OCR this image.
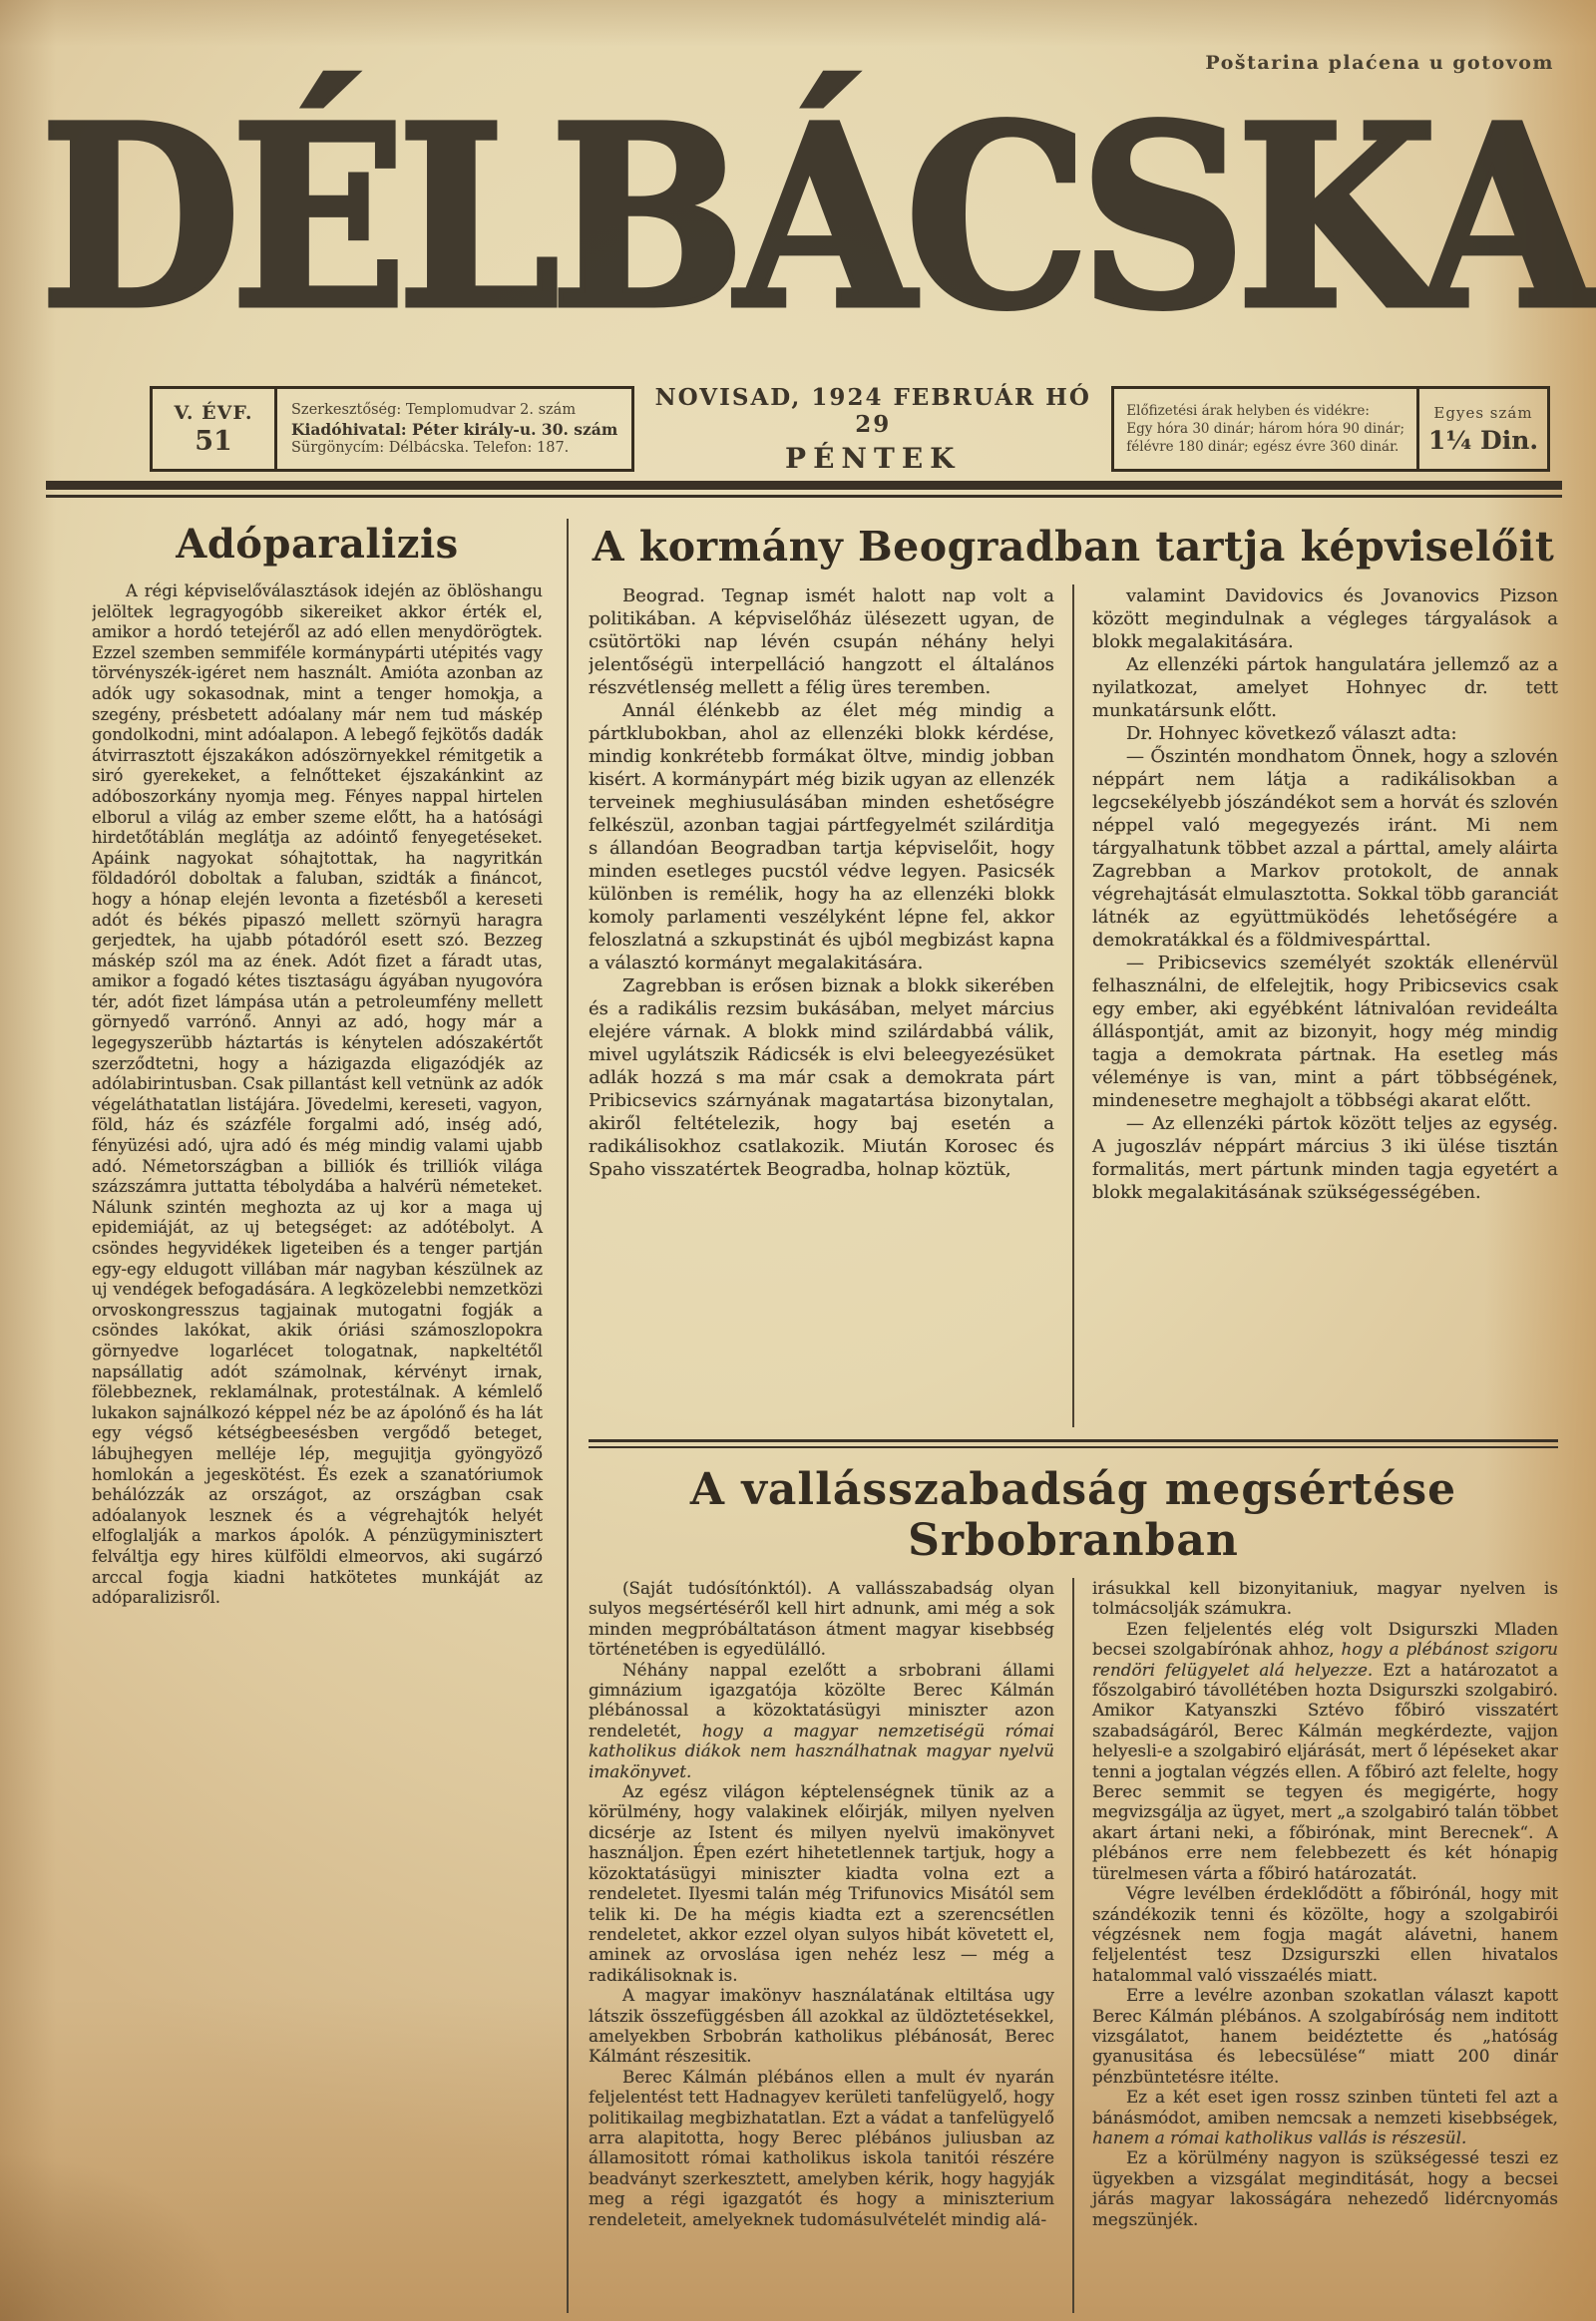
Poštarina plaćena u gotovom
DÉLBÁCSKA
V. ÉVF.
51
Szerkesztőség: Templomudvar 2. szám
Kiadóhivatal: Péter király-u. 30. szám
Sürgönycím: Délbácska. Telefon: 187.
NOVISAD, 1924 FEBRUÁR HÓ 29
PÉNTEK
Előfizetési árak helyben és vidékre:
Egy hóra 30 dinár; három hóra 90 dinár;
félévre 180 dinár; egész évre 360 dinár.
Egyes szám
1¼ Din.
Adóparalizis

A régi képviselőválasztások idején az öblöshangu jelöltek legragyogóbb sikereiket akkor érték el, amikor a hordó tetejéről az adó ellen menydörögtek. Ezzel szemben semmiféle kormánypárti utépités vagy törvényszék-igéret nem használt. Amióta azonban az adók ugy sokasodnak, mint a tenger homokja, a szegény, présbetett adóalany már nem tud máskép gondolkodni, mint adóalapon. A lebegő fejkötős dadák átvirrasztott éjszakákon adószörnyekkel rémitgetik a siró gyerekeket, a felnőtteket éjszakánkint az adóboszorkány nyomja meg. Fényes nappal hirtelen elborul a világ az ember szeme előtt, ha a hatósági hirdetőtáblán meglátja az adóintő fenyegetéseket. Apáink nagyokat sóhajtottak, ha nagyritkán földadóról doboltak a faluban, szidták a fináncot, hogy a hónap elején levonta a fizetésből a kereseti adót és békés pipaszó mellett szörnyü haragra gerjedtek, ha ujabb pótadóról esett szó. Bezzeg máskép szól ma az ének. Adót fizet a fáradt utas, amikor a fogadó kétes tisztaságu ágyában nyugovóra tér, adót fizet lámpása után a petroleumfény mellett görnyedő varrónő. Annyi az adó, hogy már a legegyszerübb háztartás is kénytelen adószakértőt szerződtetni, hogy a házigazda eligazódjék az adólabirintusban. Csak pillantást kell vetnünk az adók végeláthatatlan listájára. Jövedelmi, kereseti, vagyon, föld, ház és százféle forgalmi adó, inség adó, fényüzési adó, ujra adó és még mindig valami ujabb adó. Németországban a billiók és trilliók világa százszámra juttatta tébolydába a halvérü németeket. Nálunk szintén meghozta az uj kor a maga uj epidemiáját, az uj betegséget: az adótébolyt. A csöndes hegyvidékek ligeteiben és a tenger partján egy-egy eldugott villában már nagyban készülnek az uj vendégek befogadására. A legközelebbi nemzetközi orvoskongresszus tagjainak mutogatni fogják a csöndes lakókat, akik óriási számoszlopokra görnyedve logarlécet tologatnak, napkeltétől napsállatig adót számolnak, kérvényt irnak, fölebbeznek, reklamálnak, protestálnak. A kémlelő lukakon sajnálkozó képpel néz be az ápolónő és ha lát egy végső kétségbeesésben vergődő beteget, lábujhegyen melléje lép, megujitja gyöngyöző homlokán a jegeskötést. És ezek a szanatóriumok behálózzák az országot, az országban csak adóalanyok lesznek és a végrehajtók helyét elfoglalják a markos ápolók. A pénzügyminisztert felváltja egy hires külföldi elmeorvos, aki sugárzó arccal fogja kiadni hatkötetes munkáját az adóparalizisről.

A kormány Beogradban tartja képviselőit

Beograd. Tegnap ismét halott nap volt a politikában. A képviselőház ülésezett ugyan, de csütörtöki nap lévén csupán néhány helyi jelentőségü interpelláció hangzott el általános részvétlenség mellett a félig üres teremben.

Annál élénkebb az élet még mindig a pártklubokban, ahol az ellenzéki blokk kérdése, mindig konkrétebb formákat öltve, mindig jobban kisért. A kormánypárt még bizik ugyan az ellenzék terveinek meghiusulásában minden eshetőségre felkészül, azonban tagjai pártfegyelmét szilárditja s állandóan Beogradban tartja képviselőit, hogy minden esetleges pucstól védve legyen. Pasicsék különben is remélik, hogy ha az ellenzéki blokk komoly parlamenti veszélyként lépne fel, akkor feloszlatná a szkupstinát és ujból megbizást kapna a választó kormányt megalakitására.

Zagrebban is erősen biznak a blokk sikerében és a radikális rezsim bukásában, melyet március elejére várnak. A blokk mind szilárdabbá válik, mivel ugylátszik Rádicsék is elvi beleegyezésüket adlák hozzá s ma már csak a demokrata párt Pribicsevics szárnyának magatartása bizonytalan, akiről feltételezik, hogy baj esetén a radikálisokhoz csatlakozik. Miután Korosec és Spaho visszatértek Beogradba, holnap köztük,

valamint Davidovics és Jovanovics Pizson között megindulnak a végleges tárgyalások a blokk megalakitására.

Az ellenzéki pártok hangulatára jellemző az a nyilatkozat, amelyet Hohnyec dr. tett munkatársunk előtt.

Dr. Hohnyec következő választ adta:

— Őszintén mondhatom Önnek, hogy a szlovén néppárt nem látja a radikálisokban a legcsekélyebb jószándékot sem a horvát és szlovén néppel való megegyezés iránt. Mi nem tárgyalhatunk többet azzal a párttal, amely aláirta Zagrebban a Markov protokolt, de annak végrehajtását elmulasztotta. Sokkal több garanciát látnék az együttmüködés lehetőségére a demokratákkal és a földmivespárttal.

— Pribicsevics személyét szokták ellenérvül felhasználni, de elfelejtik, hogy Pribicsevics csak egy ember, aki egyébként látnivalóan revideálta álláspontját, amit az bizonyit, hogy még mindig tagja a demokrata pártnak. Ha esetleg más véleménye is van, mint a párt többségének, mindenesetre meghajolt a többségi akarat előtt.

— Az ellenzéki pártok között teljes az egység. A jugoszláv néppárt március 3 iki ülése tisztán formalitás, mert pártunk minden tagja egyetért a blokk megalakitásának szükségességében.

A vallásszabadság megsértése Srbobranban

(Saját tudósítónktól). A vallásszabadság olyan sulyos megsértéséről kell hirt adnunk, ami még a sok minden megpróbáltatáson átment magyar kisebbség történetében is egyedülálló.

Néhány nappal ezelőtt a srbobrani állami gimnázium igazgatója közölte Berec Kálmán plébánossal a közoktatásügyi miniszter azon rendeletét, hogy a magyar nemzetiségü római katholikus diákok nem használhatnak magyar nyelvü imakönyvet.

Az egész világon képtelenségnek tünik az a körülmény, hogy valakinek előirják, milyen nyelven dicsérje az Istent és milyen nyelvü imakönyvet használjon. Épen ezért hihetetlennek tartjuk, hogy a közoktatásügyi miniszter kiadta volna ezt a rendeletet. Ilyesmi talán még Trifunovics Misától sem telik ki. De ha mégis kiadta ezt a szerencsétlen rendeletet, akkor ezzel olyan sulyos hibát követett el, aminek az orvoslása igen nehéz lesz — még a radikálisoknak is.

A magyar imakönyv használatának eltiltása ugy látszik összefüggésben áll azokkal az üldöztetésekkel, amelyekben Srbobrán katholikus plébánosát, Berec Kálmánt részesitik.

Berec Kálmán plébános ellen a mult év nyarán feljelentést tett Hadnagyev kerületi tanfelügyelő, hogy politikailag megbizhatatlan. Ezt a vádat a tanfelügyelő arra alapitotta, hogy Berec plébános juliusban az államositott római katholikus iskola tanitói részére beadványt szerkesztett, amelyben kérik, hogy hagyják meg a régi igazgatót és hogy a miniszterium rendeleteit, amelyeknek tudomásulvételét mindig alá-

irásukkal kell bizonyitaniuk, magyar nyelven is tolmácsolják számukra.

Ezen feljelentés elég volt Dsigurszki Mladen becsei szolgabírónak ahhoz, hogy a plébánost szigoru rendöri felügyelet alá helyezze. Ezt a határozatot a főszolgabiró távollétében hozta Dsigurszki szolgabiró. Amikor Katyanszki Sztévo főbiró visszatért szabadságáról, Berec Kálmán megkérdezte, vajjon helyesli-e a szolgabiró eljárását, mert ő lépéseket akar tenni a jogtalan végzés ellen. A főbiró azt felelte, hogy Berec semmit se tegyen és megigérte, hogy megvizsgálja az ügyet, mert „a szolgabiró talán többet akart ártani neki, a főbirónak, mint Berecnek“. A plébános erre nem felebbezett és két hónapig türelmesen várta a főbiró határozatát.

Végre levélben érdeklődött a főbirónál, hogy mit szándékozik tenni és közölte, hogy a szolgabirói végzésnek nem fogja magát alávetni, hanem feljelentést tesz Dzsigurszki ellen hivatalos hatalommal való visszaélés miatt.

Erre a levélre azonban szokatlan választ kapott Berec Kálmán plébános. A szolgabíróság nem inditott vizsgálatot, hanem beidéztette és „hatóság gyanusitása és lebecsülése“ miatt 200 dinár pénzbüntetésre itélte.

Ez a két eset igen rossz szinben tünteti fel azt a bánásmódot, amiben nemcsak a nemzeti kisebbségek, hanem a római katholikus vallás is részesül.

Ez a körülmény nagyon is szükségessé teszi ez ügyekben a vizsgálat meginditását, hogy a becsei járás magyar lakosságára nehezedő lidércnyomás megszünjék.
